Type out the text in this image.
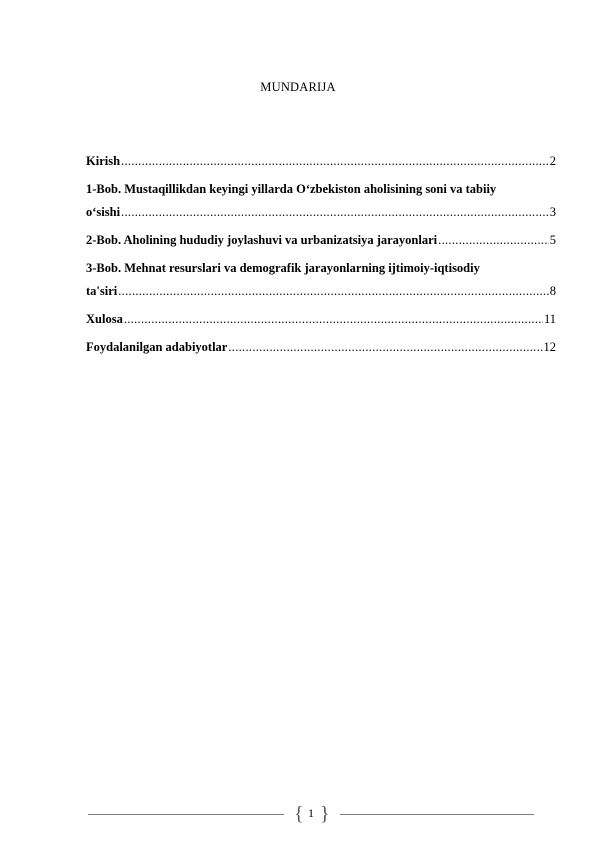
MUNDARIJA
Kirish .....	2
1-Bob. Mustaqillikdan keyingi yillarda O‘zbekiston aholisining soni va tabiiy
o‘sishi .....	3
2-Bob. Aholining hududiy joylashuvi va urbanizatsiya jarayonlari .....	5
3-Bob. Mehnat resurslari va demografik jarayonlarning ijtimoiy-iqtisodiy
ta'siri .....	8
Xulosa .....	11
Foydalanilgan adabiyotlar .....	12
{ 1 }
